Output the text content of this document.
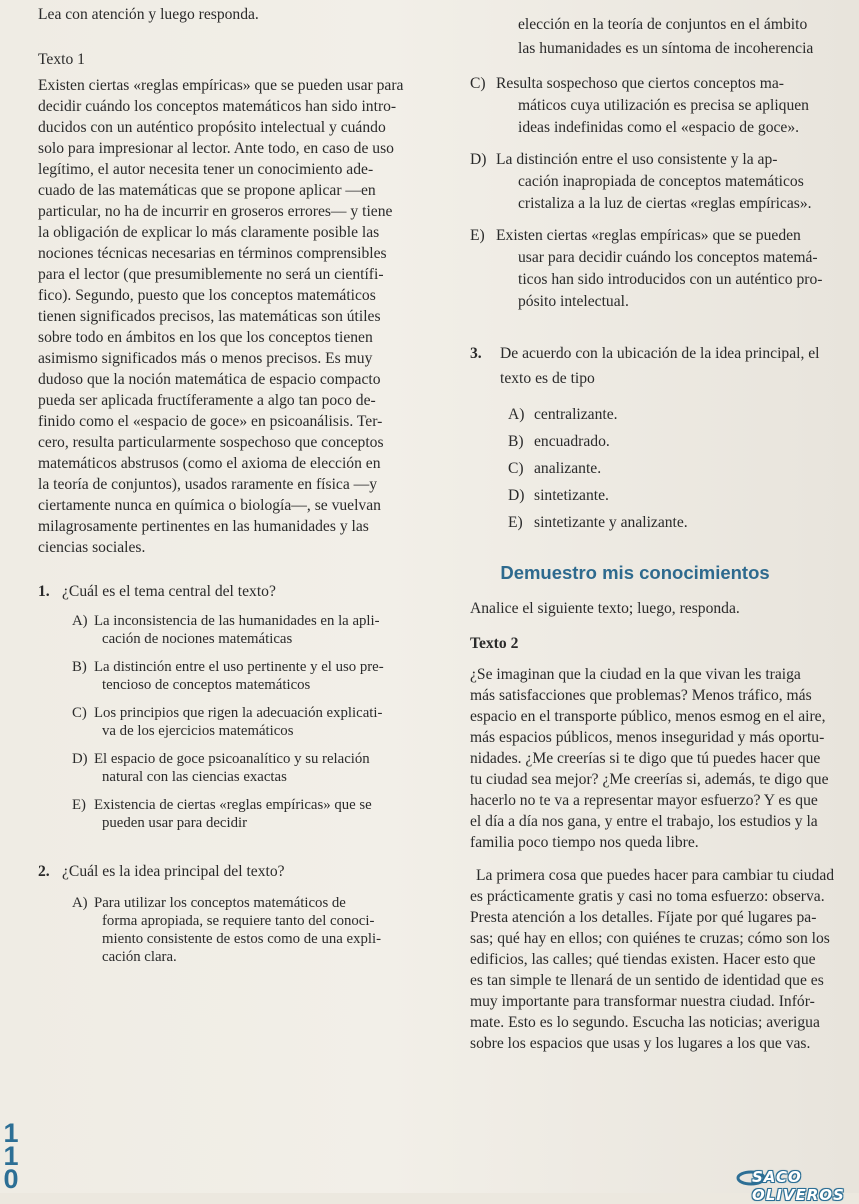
Lea con atención y luego responda.

Texto 1

Existen ciertas «reglas empíricas» que se pueden usar para
decidir cuándo los conceptos matemáticos han sido intro-
ducidos con un auténtico propósito intelectual y cuándo
solo para impresionar al lector. Ante todo, en caso de uso
legítimo, el autor necesita tener un conocimiento ade-
cuado de las matemáticas que se propone aplicar —en
particular, no ha de incurrir en groseros errores— y tiene
la obligación de explicar lo más claramente posible las
nociones técnicas necesarias en términos comprensibles
para el lector (que presumiblemente no será un científi-
fico). Segundo, puesto que los conceptos matemáticos
tienen significados precisos, las matemáticas son útiles
sobre todo en ámbitos en los que los conceptos tienen
asimismo significados más o menos precisos. Es muy
dudoso que la noción matemática de espacio compacto
pueda ser aplicada fructíferamente a algo tan poco de-
finido como el «espacio de goce» en psicoanálisis. Ter-
cero, resulta particularmente sospechoso que conceptos
matemáticos abstrusos (como el axioma de elección en
la teoría de conjuntos), usados raramente en física —y
ciertamente nunca en química o biología—, se vuelvan
milagrosamente pertinentes en las humanidades y las
ciencias sociales.
1. ¿Cuál es el tema central del texto?
A) La inconsistencia de las humanidades en la apli-
cación de nociones matemáticas
B) La distinción entre el uso pertinente y el uso pre-
tencioso de conceptos matemáticos
C) Los principios que rigen la adecuación explicati-
va de los ejercicios matemáticos
D) El espacio de goce psicoanalítico y su relación
natural con las ciencias exactas
E) Existencia de ciertas «reglas empíricas» que se
pueden usar para decidir
2. ¿Cuál es la idea principal del texto?
A) Para utilizar los conceptos matemáticos de
forma apropiada, se requiere tanto del conoci-
miento consistente de estos como de una expli-
cación clara.
elección en la teoría de conjuntos en el ámbito
las humanidades es un síntoma de incoherencia
C) Resulta sospechoso que ciertos conceptos ma-
máticos cuya utilización es precisa se apliquen
ideas indefinidas como el «espacio de goce».
D) La distinción entre el uso consistente y la ap-
cación inapropiada de conceptos matemáticos
cristaliza a la luz de ciertas «reglas empíricas».
E) Existen ciertas «reglas empíricas» que se pueden
usar para decidir cuándo los conceptos matemá-
ticos han sido introducidos con un auténtico pro-
pósito intelectual.
3.	De acuerdo con la ubicación de la idea principal, el
texto es de tipo
A) centralizante.
B) encuadrado.
C) analizante.
D) sintetizante.
E) sintetizante y analizante.
Demuestro mis conocimientos

Analice el siguiente texto; luego, responda.

Texto 2

¿Se imaginan que la ciudad en la que vivan les traiga
más satisfacciones que problemas? Menos tráfico, más
espacio en el transporte público, menos esmog en el aire,
más espacios públicos, menos inseguridad y más oportu-
nidades. ¿Me creerías si te digo que tú puedes hacer que
tu ciudad sea mejor? ¿Me creerías si, además, te digo que
hacerlo no te va a representar mayor esfuerzo? Y es que
el día a día nos gana, y entre el trabajo, los estudios y la
familia poco tiempo nos queda libre.
La primera cosa que puedes hacer para cambiar tu ciudad
es prácticamente gratis y casi no toma esfuerzo: observa.
Presta atención a los detalles. Fíjate por qué lugares pa-
sas; qué hay en ellos; con quiénes te cruzas; cómo son los
edificios, las calles; qué tiendas existen. Hacer esto que
es tan simple te llenará de un sentido de identidad que es
muy importante para transformar nuestra ciudad. Infór-
mate. Esto es lo segundo. Escucha las noticias; averigua
sobre los espacios que usas y los lugares a los que vas.
1
1
0	SACO OLIVEROS
